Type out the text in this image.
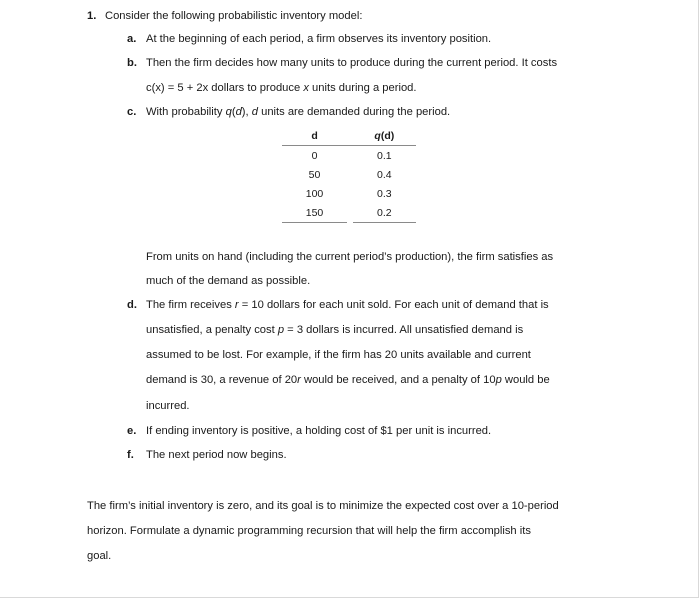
1. Consider the following probabilistic inventory model:
a. At the beginning of each period, a firm observes its inventory position.
b. Then the firm decides how many units to produce during the current period. It costs
c(x) = 5 + 2x dollars to produce x units during a period.
c. With probability q(d), d units are demanded during the period.
d		q(d)
0		0.1
50		0.4
100		0.3
150		0.2
From units on hand (including the current period’s production), the firm satisfies as
much of the demand as possible.
d. The firm receives r = 10 dollars for each unit sold. For each unit of demand that is
unsatisfied, a penalty cost p = 3 dollars is incurred. All unsatisfied demand is
assumed to be lost. For example, if the firm has 20 units available and current
demand is 30, a revenue of 20r would be received, and a penalty of 10p would be
incurred.
e. If ending inventory is positive, a holding cost of $1 per unit is incurred.
f. The next period now begins.
The firm’s initial inventory is zero, and its goal is to minimize the expected cost over a 10-period
horizon. Formulate a dynamic programming recursion that will help the firm accomplish its
goal.
